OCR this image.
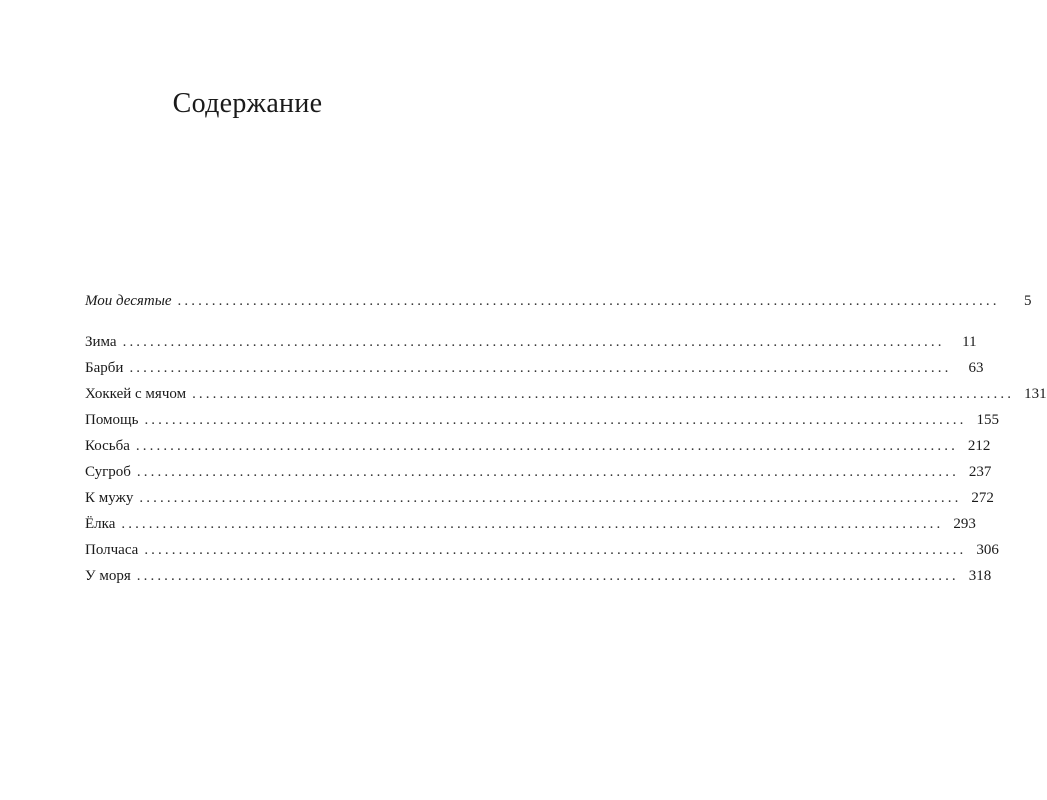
Содержание
Мои десятые ........................................................................................................................	5
Зима ........................................................................................................................	11
Барби ........................................................................................................................	63
Хоккей с мячом ........................................................................................................................ 131
Помощь ........................................................................................................................ 155
Косьба ........................................................................................................................ 212
Сугроб ........................................................................................................................ 237
К мужу ........................................................................................................................ 272
Ёлка ........................................................................................................................ 293
Полчаса ........................................................................................................................ 306
У моря ........................................................................................................................ 318
